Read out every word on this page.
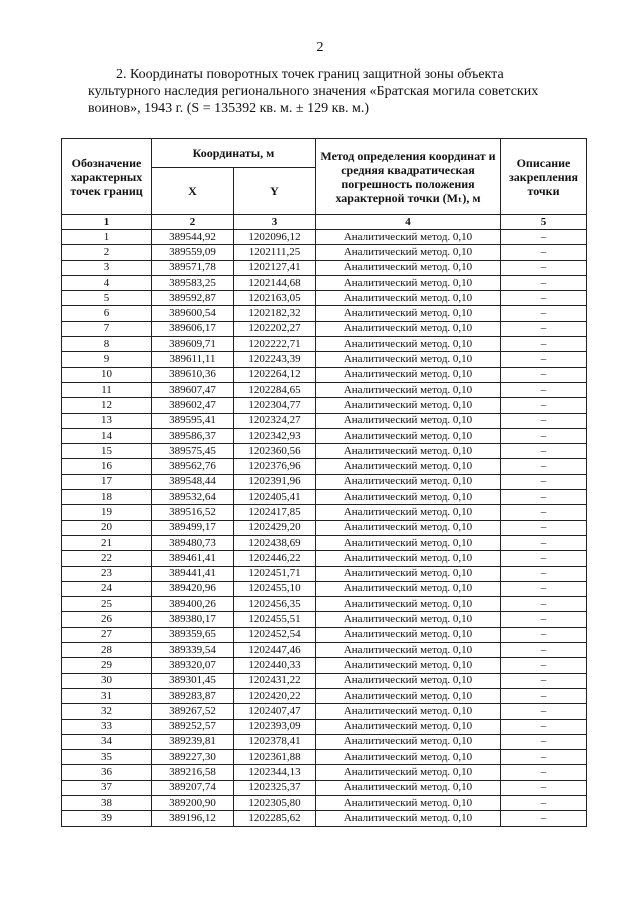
2

2. Координаты поворотных точек границ защитной зоны объекта

культурного наследия регионального значения «Братская могила советских

воинов», 1943 г. (S = 135392 кв. м. ± 129 кв. м.)

Обозначение характерных точек границ	Координаты, м		Метод определения координат и средняя квадратическая погрешность положения характерной точки (Mₜ), м	Описание закрепления точки
	X	Y		
1	2	3	4	5
1	389544,92	1202096,12	Аналитический метод. 0,10	–
2	389559,09	1202111,25	Аналитический метод. 0,10	–
3	389571,78	1202127,41	Аналитический метод. 0,10	–
4	389583,25	1202144,68	Аналитический метод. 0,10	–
5	389592,87	1202163,05	Аналитический метод. 0,10	–
6	389600,54	1202182,32	Аналитический метод. 0,10	–
7	389606,17	1202202,27	Аналитический метод. 0,10	–
8	389609,71	1202222,71	Аналитический метод. 0,10	–
9	389611,11	1202243,39	Аналитический метод. 0,10	–
10	389610,36	1202264,12	Аналитический метод. 0,10	–
11	389607,47	1202284,65	Аналитический метод. 0,10	–
12	389602,47	1202304,77	Аналитический метод. 0,10	–
13	389595,41	1202324,27	Аналитический метод. 0,10	–
14	389586,37	1202342,93	Аналитический метод. 0,10	–
15	389575,45	1202360,56	Аналитический метод. 0,10	–
16	389562,76	1202376,96	Аналитический метод. 0,10	–
17	389548,44	1202391,96	Аналитический метод. 0,10	–
18	389532,64	1202405,41	Аналитический метод. 0,10	–
19	389516,52	1202417,85	Аналитический метод. 0,10	–
20	389499,17	1202429,20	Аналитический метод. 0,10	–
21	389480,73	1202438,69	Аналитический метод. 0,10	–
22	389461,41	1202446,22	Аналитический метод. 0,10	–
23	389441,41	1202451,71	Аналитический метод. 0,10	–
24	389420,96	1202455,10	Аналитический метод. 0,10	–
25	389400,26	1202456,35	Аналитический метод. 0,10	–
26	389380,17	1202455,51	Аналитический метод. 0,10	–
27	389359,65	1202452,54	Аналитический метод. 0,10	–
28	389339,54	1202447,46	Аналитический метод. 0,10	–
29	389320,07	1202440,33	Аналитический метод. 0,10	–
30	389301,45	1202431,22	Аналитический метод. 0,10	–
31	389283,87	1202420,22	Аналитический метод. 0,10	–
32	389267,52	1202407,47	Аналитический метод. 0,10	–
33	389252,57	1202393,09	Аналитический метод. 0,10	–
34	389239,81	1202378,41	Аналитический метод. 0,10	–
35	389227,30	1202361,88	Аналитический метод. 0,10	–
36	389216,58	1202344,13	Аналитический метод. 0,10	–
37	389207,74	1202325,37	Аналитический метод. 0,10	–
38	389200,90	1202305,80	Аналитический метод. 0,10	–
39	389196,12	1202285,62	Аналитический метод. 0,10	–
